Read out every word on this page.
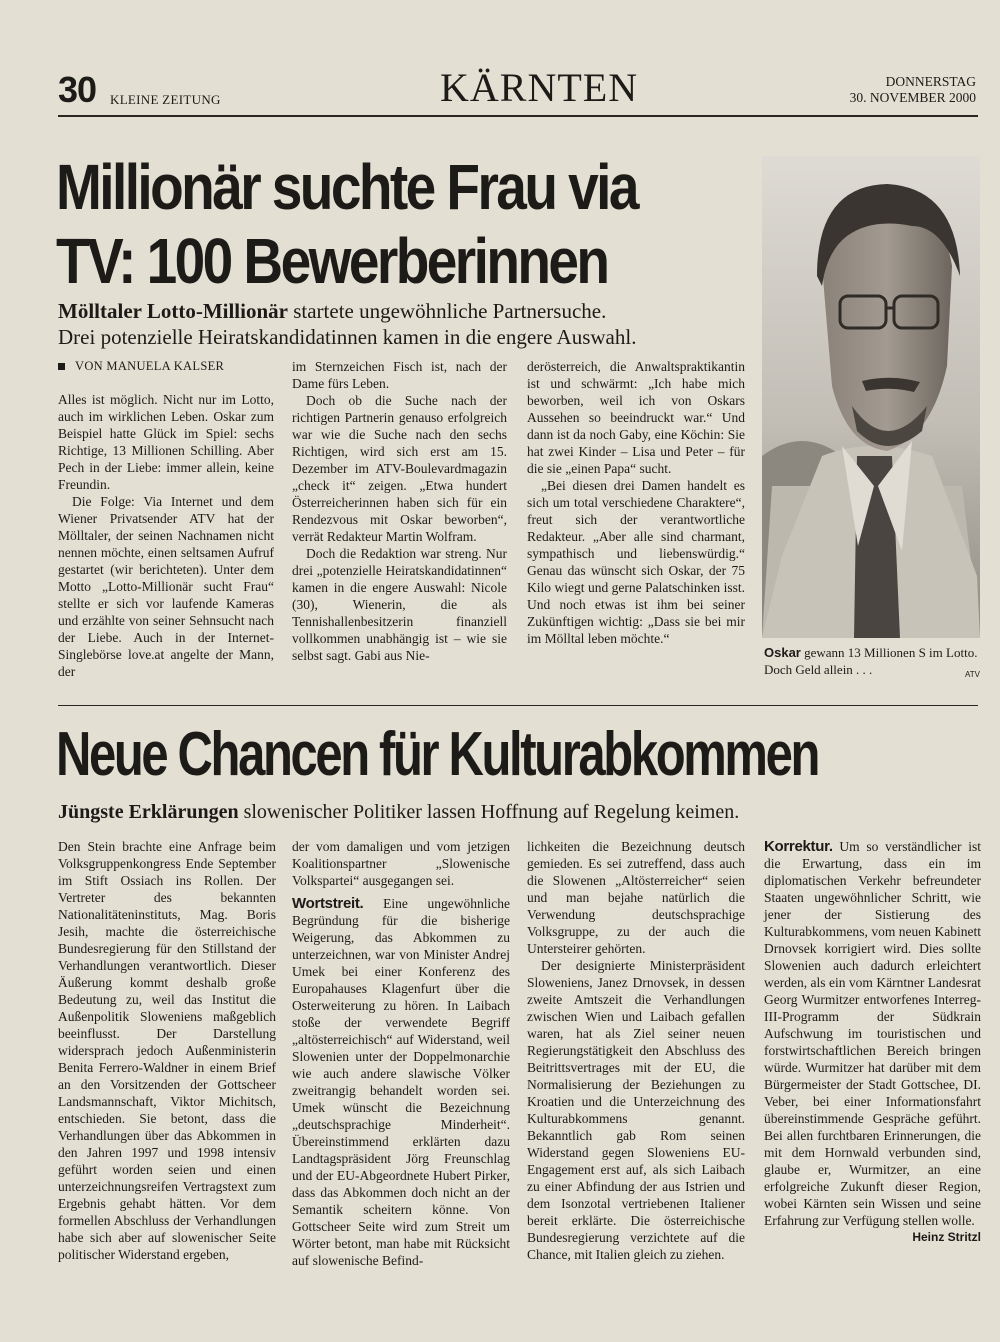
30 KLEINE ZEITUNG	KÄRNTEN	DONNERSTAG
30. NOVEMBER 2000
Millionär suchte Frau via
TV: 100 Bewerberinnen
Mölltaler Lotto-Millionär startete ungewöhnliche Partnersuche.
Drei potenzielle Heiratskandidatinnen kamen in die engere Auswahl.
Oskar gewann 13 Millionen S im Lotto. Doch Geld allein . . .	ATV
VON MANUELA KALSER

Alles ist möglich. Nicht nur im Lotto, auch im wirklichen Leben. Oskar zum Beispiel hatte Glück im Spiel: sechs Richtige, 13 Millionen Schilling. Aber Pech in der Liebe: immer allein, keine Freundin.

Die Folge: Via Internet und dem Wiener Privatsender ATV hat der Mölltaler, der seinen Nachnamen nicht nennen möchte, einen seltsamen Aufruf gestartet (wir berichteten). Unter dem Motto „Lotto-Millionär sucht Frau“ stellte er sich vor laufende Kameras und erzählte von seiner Sehnsucht nach der Liebe. Auch in der Internet-Singlebörse love.at angelte der Mann, der

im Sternzeichen Fisch ist, nach der Dame fürs Leben.

Doch ob die Suche nach der richtigen Partnerin genauso erfolgreich war wie die Suche nach den sechs Richtigen, wird sich erst am 15. Dezember im ATV-Boulevardmagazin „check it“ zeigen. „Etwa hundert Österreicherinnen haben sich für ein Rendezvous mit Oskar beworben“, verrät Redakteur Martin Wolfram.

Doch die Redaktion war streng. Nur drei „potenzielle Heiratskandidatinnen“ kamen in die engere Auswahl: Nicole (30), Wienerin, die als Tennishallenbesitzerin finanziell vollkommen unabhängig ist – wie sie selbst sagt. Gabi aus Nie-

derösterreich, die Anwaltspraktikantin ist und schwärmt: „Ich habe mich beworben, weil ich von Oskars Aussehen so beeindruckt war.“ Und dann ist da noch Gaby, eine Köchin: Sie hat zwei Kinder – Lisa und Peter – für die sie „einen Papa“ sucht.

„Bei diesen drei Damen handelt es sich um total verschiedene Charaktere“, freut sich der verantwortliche Redakteur. „Aber alle sind charmant, sympathisch und liebenswürdig.“ Genau das wünscht sich Oskar, der 75 Kilo wiegt und gerne Palatschinken isst. Und noch etwas ist ihm bei seiner Zukünftigen wichtig: „Dass sie bei mir im Mölltal leben möchte.“

Neue Chancen für Kulturabkommen
Jüngste Erklärungen slowenischer Politiker lassen Hoffnung auf Regelung keimen.

Den Stein brachte eine Anfrage beim Volksgruppenkongress Ende September im Stift Ossiach ins Rollen. Der Vertreter des bekannten Nationalitäteninstituts, Mag. Boris Jesih, machte die österreichische Bundesregierung für den Stillstand der Verhandlungen verantwortlich. Dieser Äußerung kommt deshalb große Bedeutung zu, weil das Institut die Außenpolitik Sloweniens maßgeblich beeinflusst. Der Darstellung widersprach jedoch Außenministerin Benita Ferrero-Waldner in einem Brief an den Vorsitzenden der Gottscheer Landsmannschaft, Viktor Michitsch, entschieden. Sie betont, dass die Verhandlungen über das Abkommen in den Jahren 1997 und 1998 intensiv geführt worden seien und einen unterzeichnungsreifen Vertragstext zum Ergebnis gehabt hätten. Vor dem formellen Abschluss der Verhandlungen habe sich aber auf slowenischer Seite politischer Widerstand ergeben,

der vom damaligen und vom jetzigen Koalitionspartner „Slowenische Volkspartei“ ausgegangen sei.

Wortstreit. Eine ungewöhnliche Begründung für die bisherige Weigerung, das Abkommen zu unterzeichnen, war von Minister Andrej Umek bei einer Konferenz des Europahauses Klagenfurt über die Osterweiterung zu hören. In Laibach stoße der verwendete Begriff „altösterreichisch“ auf Widerstand, weil Slowenien unter der Doppelmonarchie wie auch andere slawische Völker zweitrangig behandelt worden sei. Umek wünscht die Bezeichnung „deutschsprachige Minderheit“. Übereinstimmend erklärten dazu Landtagspräsident Jörg Freunschlag und der EU-Abgeordnete Hubert Pirker, dass das Abkommen doch nicht an der Semantik scheitern könne. Von Gottscheer Seite wird zum Streit um Wörter betont, man habe mit Rücksicht auf slowenische Befind-

lichkeiten die Bezeichnung deutsch gemieden. Es sei zutreffend, dass auch die Slowenen „Altösterreicher“ seien und man bejahe natürlich die Verwendung deutschsprachige Volksgruppe, zu der auch die Untersteirer gehörten.

Der designierte Ministerpräsident Sloweniens, Janez Drnovsek, in dessen zweite Amtszeit die Verhandlungen zwischen Wien und Laibach gefallen waren, hat als Ziel seiner neuen Regierungstätigkeit den Abschluss des Beitrittsvertrages mit der EU, die Normalisierung der Beziehungen zu Kroatien und die Unterzeichnung des Kulturabkommens genannt. Bekanntlich gab Rom seinen Widerstand gegen Sloweniens EU-Engagement erst auf, als sich Laibach zu einer Abfindung der aus Istrien und dem Isonzotal vertriebenen Italiener bereit erklärte. Die österreichische Bundesregierung verzichtete auf die Chance, mit Italien gleich zu ziehen.

Korrektur. Um so verständlicher ist die Erwartung, dass ein im diplomatischen Verkehr befreundeter Staaten ungewöhnlicher Schritt, wie jener der Sistierung des Kulturabkommens, vom neuen Kabinett Drnovsek korrigiert wird. Dies sollte Slowenien auch dadurch erleichtert werden, als ein vom Kärntner Landesrat Georg Wurmitzer entworfenes Interreg-III-Programm der Südkrain Aufschwung im touristischen und forstwirtschaftlichen Bereich bringen würde. Wurmitzer hat darüber mit dem Bürgermeister der Stadt Gottschee, DI. Veber, bei einer Informationsfahrt übereinstimmende Gespräche geführt. Bei allen furchtbaren Erinnerungen, die mit dem Hornwald verbunden sind, glaube er, Wurmitzer, an eine erfolgreiche Zukunft dieser Region, wobei Kärnten sein Wissen und seine Erfahrung zur Verfügung stellen wolle.
Heinz Stritzl
